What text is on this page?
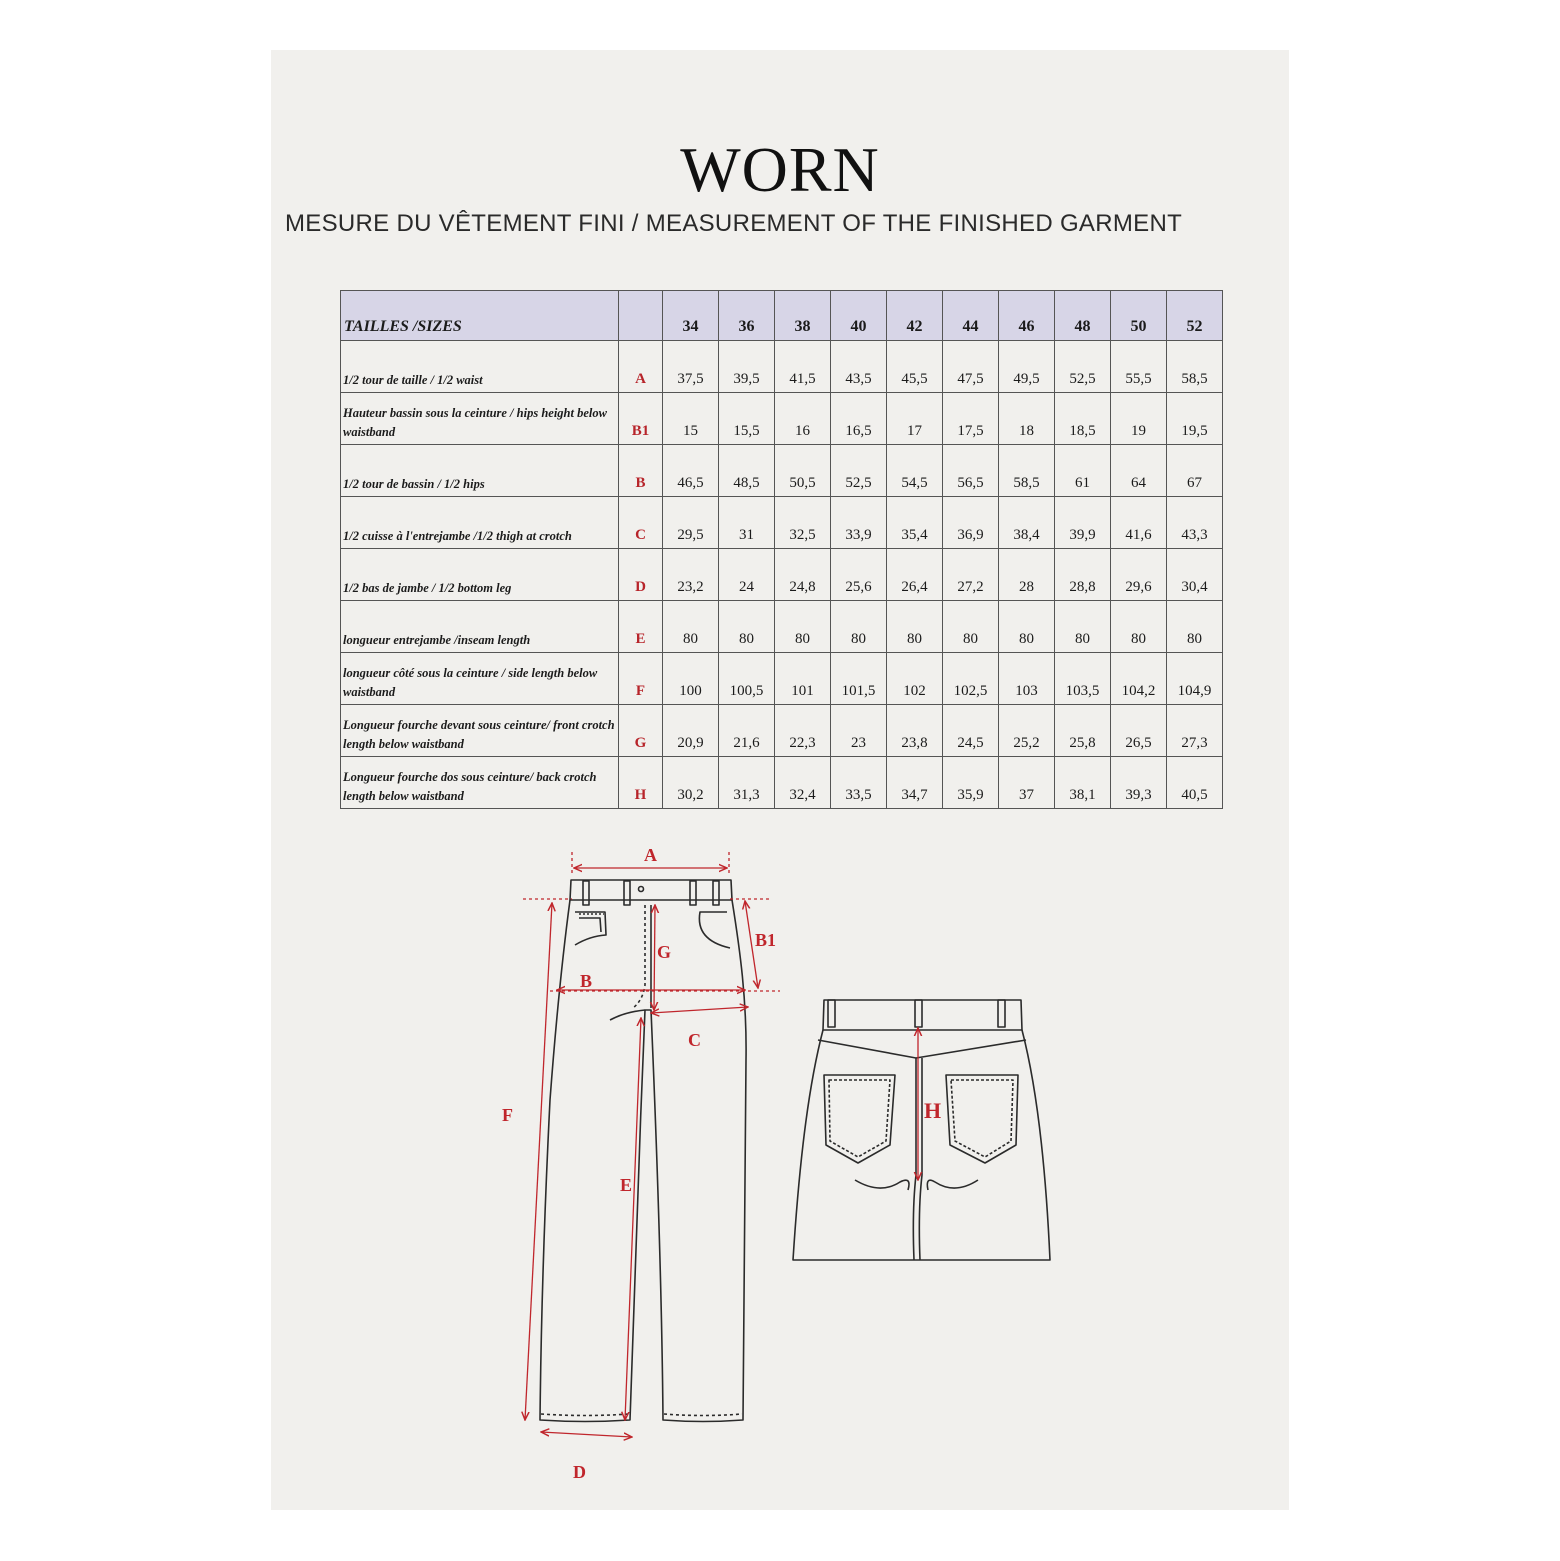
WORN
MESURE DU VÊTEMENT FINI / MEASUREMENT OF THE FINISHED GARMENT
TAILLES /SIZES		34	36	38	40	42	44	46	48	50	52
1/2 tour de taille / 1/2 waist	A	37,5	39,5	41,5	43,5	45,5	47,5	49,5	52,5	55,5	58,5
Hauteur bassin sous la ceinture / hips height below waistband	B1	15	15,5	16	16,5	17	17,5	18	18,5	19	19,5
1/2 tour de bassin / 1/2 hips	B	46,5	48,5	50,5	52,5	54,5	56,5	58,5	61	64	67
1/2 cuisse à l'entrejambe /1/2 thigh at crotch	C	29,5	31	32,5	33,9	35,4	36,9	38,4	39,9	41,6	43,3
1/2 bas de jambe / 1/2 bottom leg	D	23,2	24	24,8	25,6	26,4	27,2	28	28,8	29,6	30,4
longueur entrejambe /inseam length	E	80	80	80	80	80	80	80	80	80	80
longueur côté sous la ceinture / side length below waistband	F	100	100,5	101	101,5	102	102,5	103	103,5	104,2	104,9
Longueur fourche devant sous ceinture/ front crotch length below waistband	G	20,9	21,6	22,3	23	23,8	24,5	25,2	25,8	26,5	27,3
Longueur fourche dos sous ceinture/ back crotch length below waistband	H	30,2	31,3	32,4	33,5	34,7	35,9	37	38,1	39,3	40,5
A
B1
B
G
C
F
E
D
H
